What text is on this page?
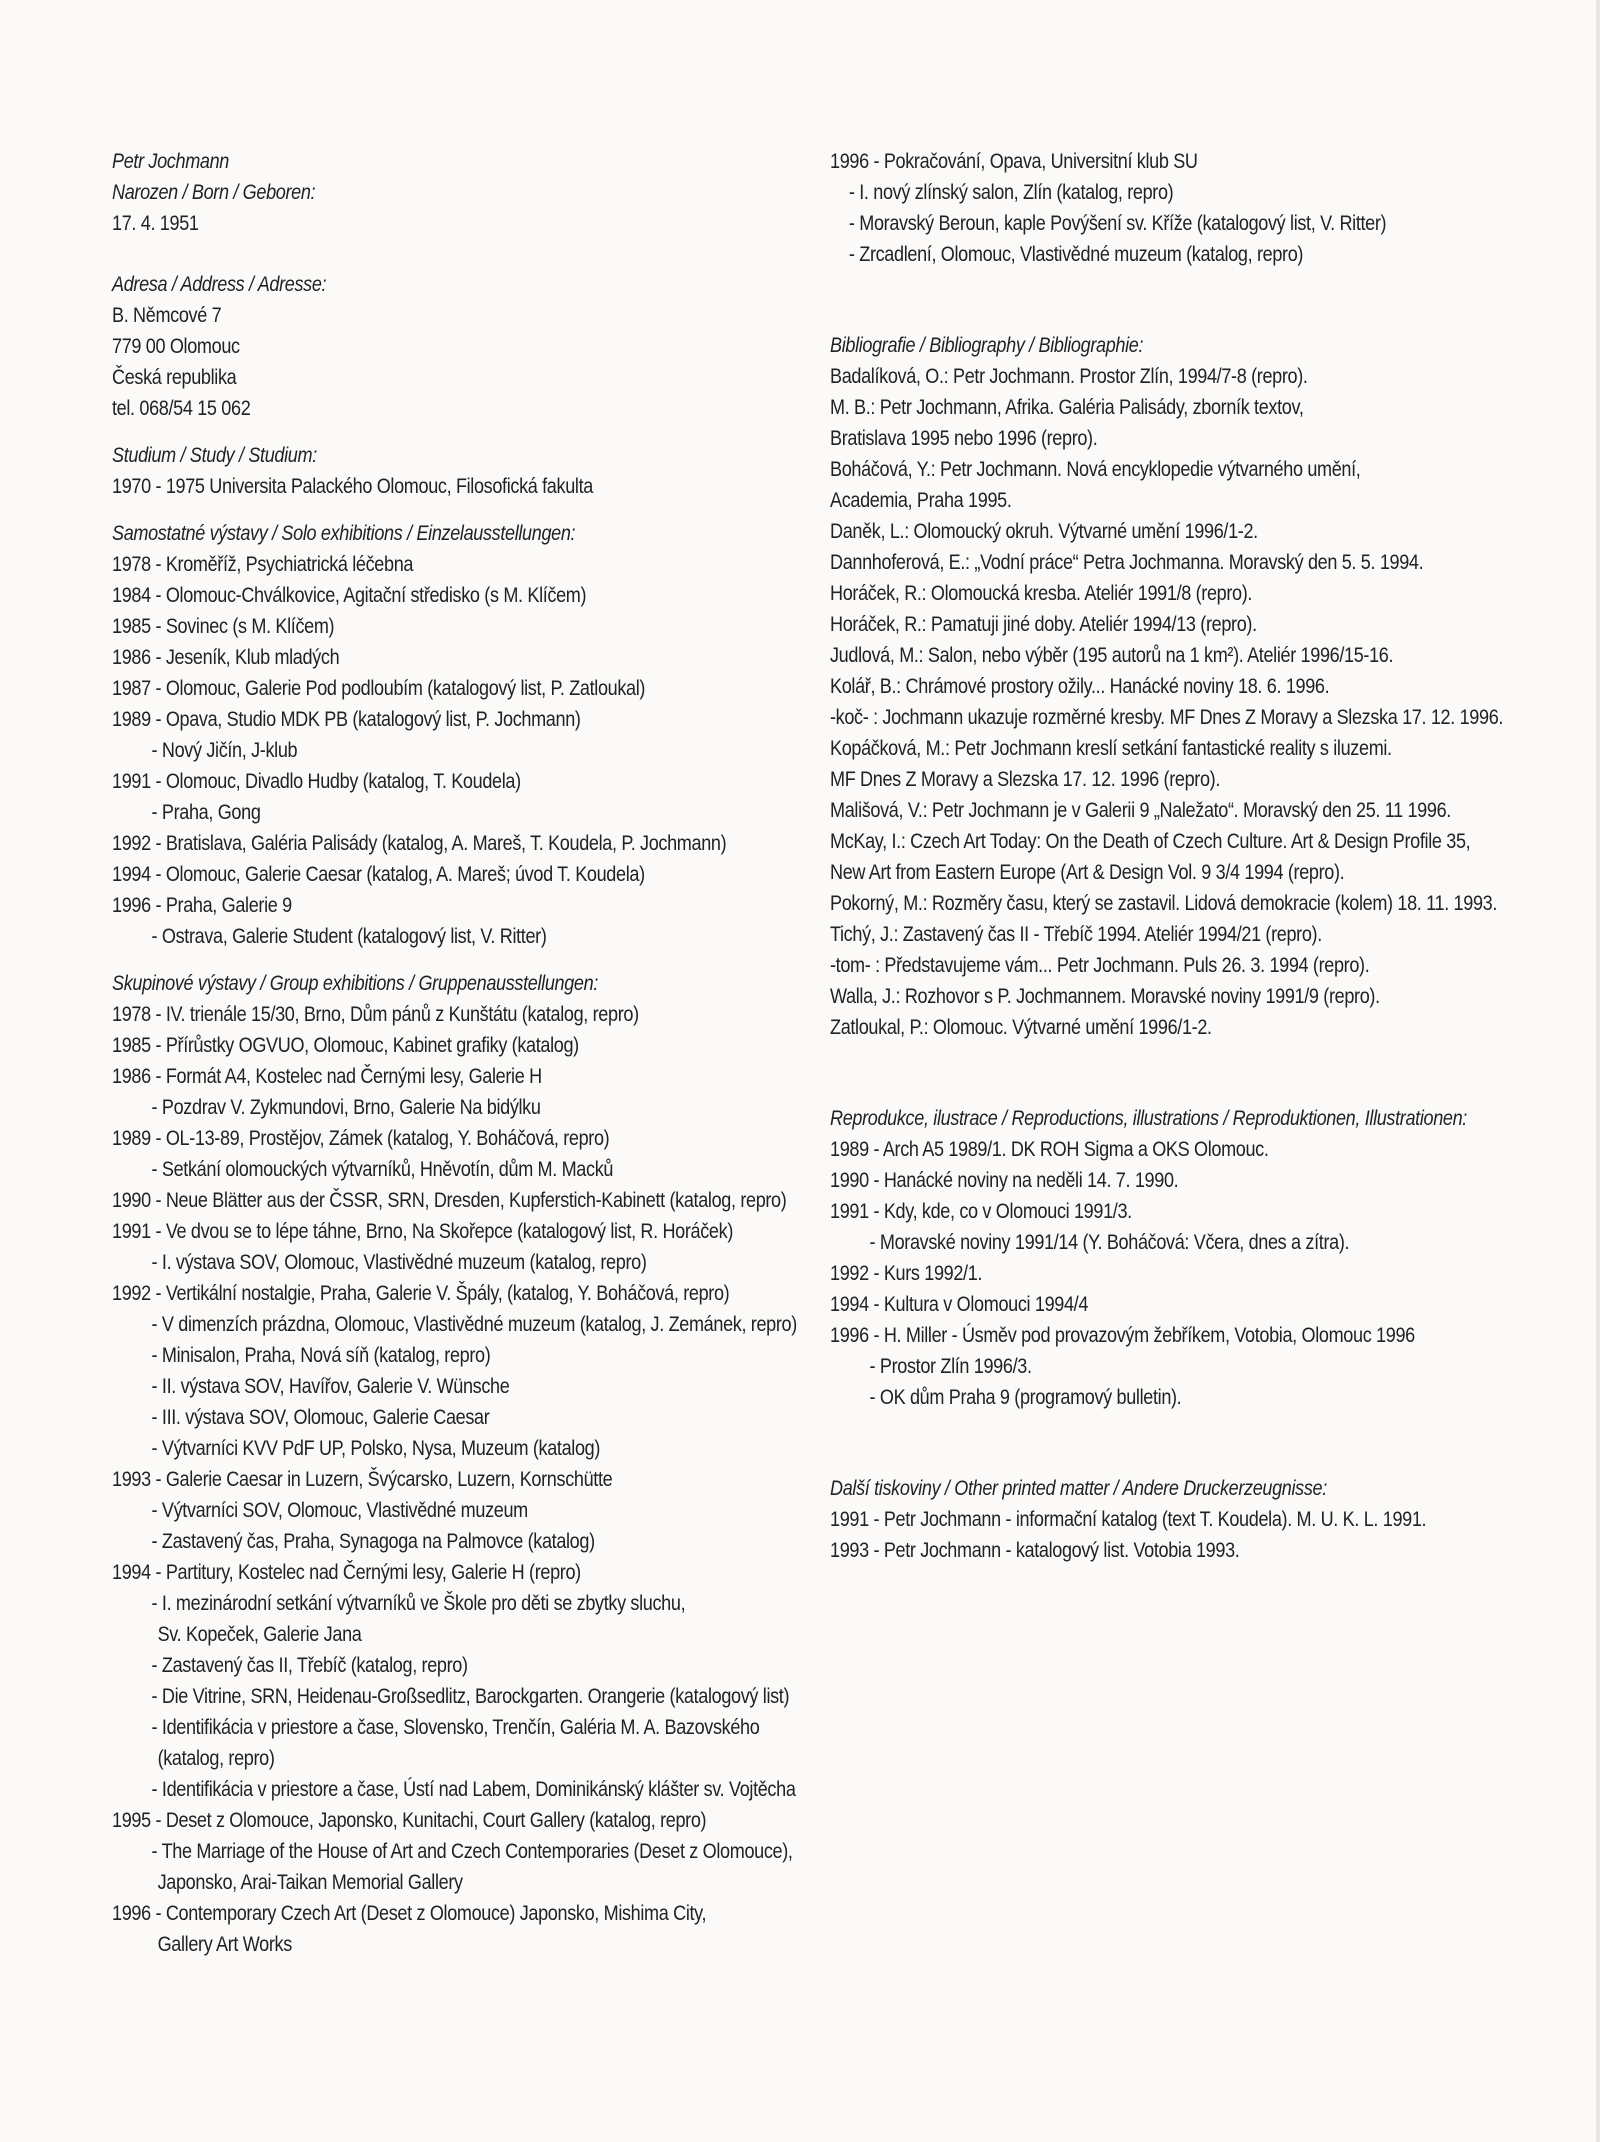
Petr Jochmann
Narozen / Born / Geboren:
17. 4. 1951
Adresa / Address / Adresse:
B. Němcové 7
779 00 Olomouc
Česká republika
tel. 068/54 15 062
Studium / Study / Studium:
1970 - 1975 Universita Palackého Olomouc, Filosofická fakulta
Samostatné výstavy / Solo exhibitions / Einzelausstellungen:
1978 - Kroměříž, Psychiatrická léčebna
1984 - Olomouc-Chválkovice, Agitační středisko (s M. Klíčem)
1985 - Sovinec (s M. Klíčem)
1986 - Jeseník, Klub mladých
1987 - Olomouc, Galerie Pod podloubím (katalogový list, P. Zatloukal)
1989 - Opava, Studio MDK PB (katalogový list, P. Jochmann)
- Nový Jičín, J-klub
1991 - Olomouc, Divadlo Hudby (katalog, T. Koudela)
- Praha, Gong
1992 - Bratislava, Galéria Palisády (katalog, A. Mareš, T. Koudela, P. Jochmann)
1994 - Olomouc, Galerie Caesar (katalog, A. Mareš; úvod T. Koudela)
1996 - Praha, Galerie 9
- Ostrava, Galerie Student (katalogový list, V. Ritter)
Skupinové výstavy / Group exhibitions / Gruppenausstellungen:
1978 - IV. trienále 15/30, Brno, Dům pánů z Kunštátu (katalog, repro)
1985 - Přírůstky OGVUO, Olomouc, Kabinet grafiky (katalog)
1986 - Formát A4, Kostelec nad Černými lesy, Galerie H
- Pozdrav V. Zykmundovi, Brno, Galerie Na bidýlku
1989 - OL-13-89, Prostějov, Zámek (katalog, Y. Boháčová, repro)
- Setkání olomouckých výtvarníků, Hněvotín, dům M. Macků
1990 - Neue Blätter aus der ČSSR, SRN, Dresden, Kupferstich-Kabinett (katalog, repro)
1991 - Ve dvou se to lépe táhne, Brno, Na Skořepce (katalogový list, R. Horáček)
- I. výstava SOV, Olomouc, Vlastivědné muzeum (katalog, repro)
1992 - Vertikální nostalgie, Praha, Galerie V. Špály, (katalog, Y. Boháčová, repro)
- V dimenzích prázdna, Olomouc, Vlastivědné muzeum (katalog, J. Zemánek, repro)
- Minisalon, Praha, Nová síň (katalog, repro)
- II. výstava SOV, Havířov, Galerie V. Wünsche
- III. výstava SOV, Olomouc, Galerie Caesar
- Výtvarníci KVV PdF UP, Polsko, Nysa, Muzeum (katalog)
1993 - Galerie Caesar in Luzern, Švýcarsko, Luzern, Kornschütte
- Výtvarníci SOV, Olomouc, Vlastivědné muzeum
- Zastavený čas, Praha, Synagoga na Palmovce (katalog)
1994 - Partitury, Kostelec nad Černými lesy, Galerie H (repro)
- I. mezinárodní setkání výtvarníků ve Škole pro děti se zbytky sluchu,
Sv. Kopeček, Galerie Jana
- Zastavený čas II, Třebíč (katalog, repro)
- Die Vitrine, SRN, Heidenau-Großsedlitz, Barockgarten. Orangerie (katalogový list)
- Identifikácia v priestore a čase, Slovensko, Trenčín, Galéria M. A. Bazovského
(katalog, repro)
- Identifikácia v priestore a čase, Ústí nad Labem, Dominikánský klášter sv. Vojtěcha
1995 - Deset z Olomouce, Japonsko, Kunitachi, Court Gallery (katalog, repro)
- The Marriage of the House of Art and Czech Contemporaries (Deset z Olomouce),
Japonsko, Arai-Taikan Memorial Gallery
1996 - Contemporary Czech Art (Deset z Olomouce) Japonsko, Mishima City,
Gallery Art Works
1996 - Pokračování, Opava, Universitní klub SU
- I. nový zlínský salon, Zlín (katalog, repro)
- Moravský Beroun, kaple Povýšení sv. Kříže (katalogový list, V. Ritter)
- Zrcadlení, Olomouc, Vlastivědné muzeum (katalog, repro)
Bibliografie / Bibliography / Bibliographie:
Badalíková, O.: Petr Jochmann. Prostor Zlín, 1994/7-8 (repro).
M. B.: Petr Jochmann, Afrika. Galéria Palisády, zborník textov,
Bratislava 1995 nebo 1996 (repro).
Boháčová, Y.: Petr Jochmann. Nová encyklopedie výtvarného umění,
Academia, Praha 1995.
Daněk, L.: Olomoucký okruh. Výtvarné umění 1996/1-2.
Dannhoferová, E.: „Vodní práce“ Petra Jochmanna. Moravský den 5. 5. 1994.
Horáček, R.: Olomoucká kresba. Ateliér 1991/8 (repro).
Horáček, R.: Pamatuji jiné doby. Ateliér 1994/13 (repro).
Judlová, M.: Salon, nebo výběr (195 autorů na 1 km²). Ateliér 1996/15-16.
Kolář, B.: Chrámové prostory ožily... Hanácké noviny 18. 6. 1996.
-koč- : Jochmann ukazuje rozměrné kresby. MF Dnes Z Moravy a Slezska 17. 12. 1996.
Kopáčková, M.: Petr Jochmann kreslí setkání fantastické reality s iluzemi.
MF Dnes Z Moravy a Slezska 17. 12. 1996 (repro).
Mališová, V.: Petr Jochmann je v Galerii 9 „Naležato“. Moravský den 25. 11 1996.
McKay, I.: Czech Art Today: On the Death of Czech Culture. Art & Design Profile 35,
New Art from Eastern Europe (Art & Design Vol. 9 3/4 1994 (repro).
Pokorný, M.: Rozměry času, který se zastavil. Lidová demokracie (kolem) 18. 11. 1993.
Tichý, J.: Zastavený čas II - Třebíč 1994. Ateliér 1994/21 (repro).
-tom- : Představujeme vám... Petr Jochmann. Puls 26. 3. 1994 (repro).
Walla, J.: Rozhovor s P. Jochmannem. Moravské noviny 1991/9 (repro).
Zatloukal, P.: Olomouc. Výtvarné umění 1996/1-2.
Reprodukce, ilustrace / Reproductions, illustrations / Reproduktionen, Illustrationen:
1989 - Arch A5 1989/1. DK ROH Sigma a OKS Olomouc.
1990 - Hanácké noviny na neděli 14. 7. 1990.
1991 - Kdy, kde, co v Olomouci 1991/3.
- Moravské noviny 1991/14 (Y. Boháčová: Včera, dnes a zítra).
1992 - Kurs 1992/1.
1994 - Kultura v Olomouci 1994/4
1996 - H. Miller - Úsměv pod provazovým žebříkem, Votobia, Olomouc 1996
- Prostor Zlín 1996/3.
- OK dům Praha 9 (programový bulletin).
Další tiskoviny / Other printed matter / Andere Druckerzeugnisse:
1991 - Petr Jochmann - informační katalog (text T. Koudela). M. U. K. L. 1991.
1993 - Petr Jochmann - katalogový list. Votobia 1993.
